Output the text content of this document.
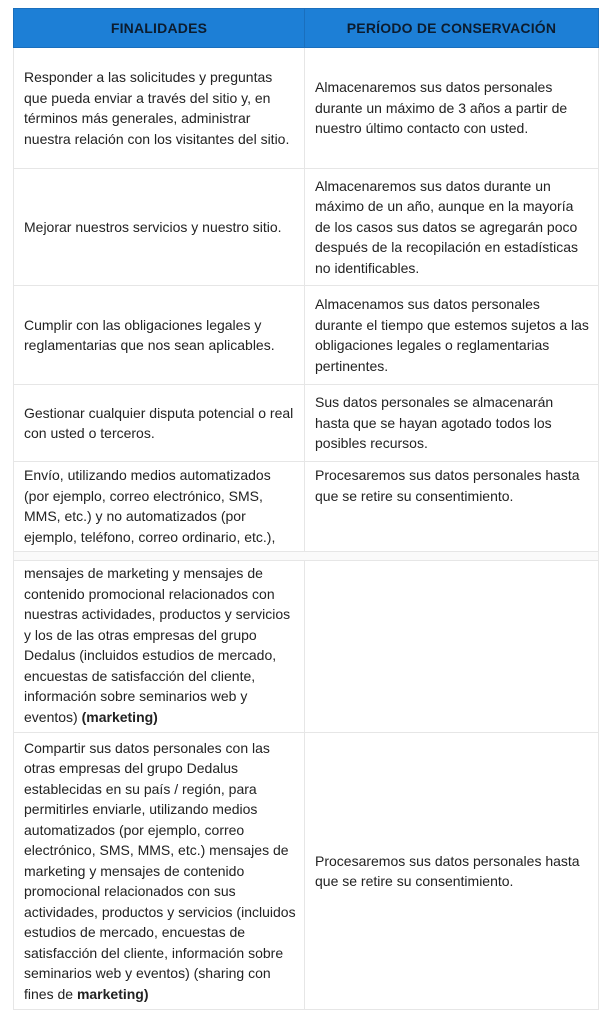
FINALIDADES	PERÍODO DE CONSERVACIÓN
Responder a las solicitudes y preguntas que pueda enviar a través del sitio y, en términos más generales, administrar nuestra relación con los visitantes del sitio.	Almacenaremos sus datos personales durante un máximo de 3 años a partir de nuestro último contacto con usted.
Mejorar nuestros servicios y nuestro sitio.	Almacenaremos sus datos durante un máximo de un año, aunque en la mayoría de los casos sus datos se agregarán poco después de la recopilación en estadísticas no identificables.
Cumplir con las obligaciones legales y reglamentarias que nos sean aplicables.	Almacenamos sus datos personales durante el tiempo que estemos sujetos a las obligaciones legales o reglamentarias pertinentes.
Gestionar cualquier disputa potencial o real con usted o terceros.	Sus datos personales se almacenarán hasta que se hayan agotado todos los posibles recursos.
Envío, utilizando medios automatizados (por ejemplo, correo electrónico, SMS, MMS, etc.) y no automatizados (por ejemplo, teléfono, correo ordinario, etc.),	Procesaremos sus datos personales hasta que se retire su consentimiento.
mensajes de marketing y mensajes de contenido promocional relacionados con nuestras actividades, productos y servicios y los de las otras empresas del grupo Dedalus (incluidos estudios de mercado, encuestas de satisfacción del cliente, información sobre seminarios web y eventos) (marketing)	
Compartir sus datos personales con las otras empresas del grupo Dedalus establecidas en su país / región, para permitirles enviarle, utilizando medios automatizados (por ejemplo, correo electrónico, SMS, MMS, etc.) mensajes de marketing y mensajes de contenido promocional relacionados con sus actividades, productos y servicios (incluidos estudios de mercado, encuestas de satisfacción del cliente, información sobre seminarios web y eventos) (sharing con fines de marketing)	Procesaremos sus datos personales hasta que se retire su consentimiento.
